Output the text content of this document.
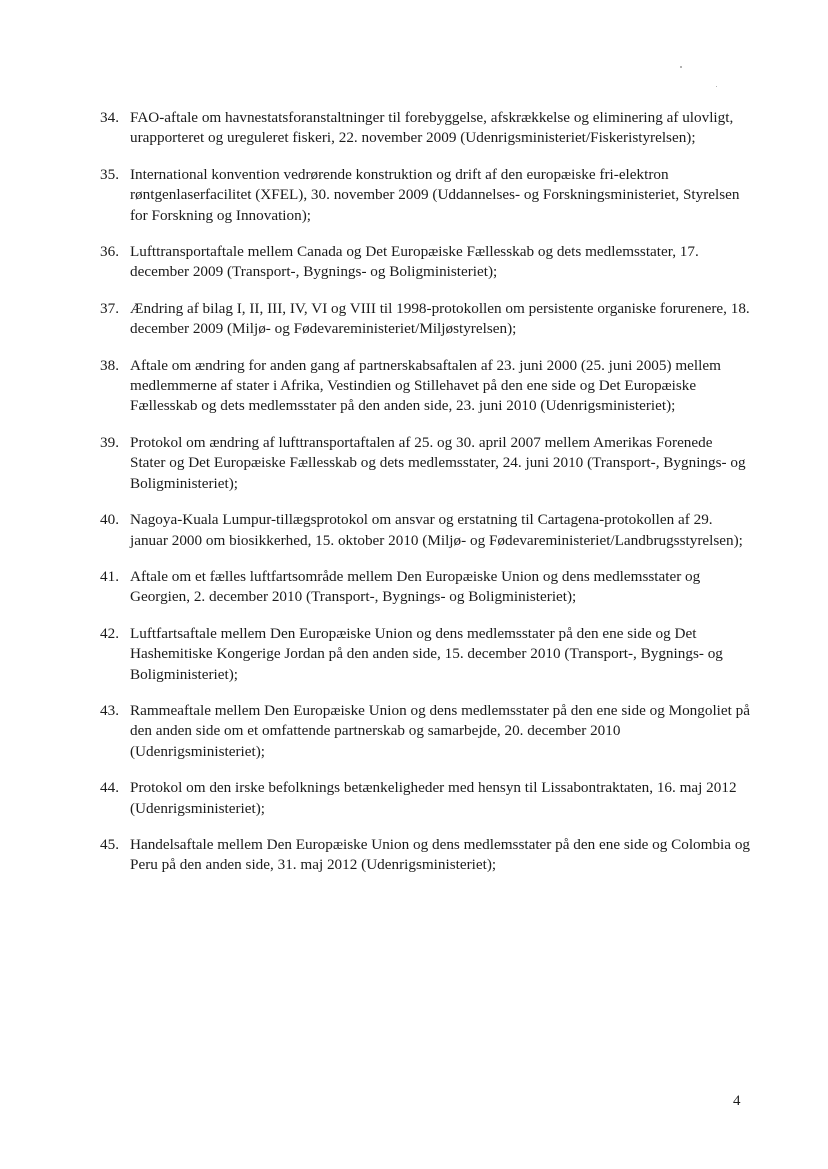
34. FAO-aftale om havnestatsforanstaltninger til forebyggelse, afskrækkelse og eliminering af ulovligt, urapporteret og ureguleret fiskeri, 22. november 2009 (Udenrigsministeriet/Fiskeristyrelsen);
35. International konvention vedrørende konstruktion og drift af den europæiske fri-elektron røntgenlaserfacilitet (XFEL), 30. november 2009 (Uddannelses- og Forskningsministeriet, Styrelsen for Forskning og Innovation);
36. Lufttransportaftale mellem Canada og Det Europæiske Fællesskab og dets medlemsstater, 17. december 2009 (Transport-, Bygnings- og Boligministeriet);
37. Ændring af bilag I, II, III, IV, VI og VIII til 1998-protokollen om persistente organiske forurenere, 18. december 2009 (Miljø- og Fødevareministeriet/Miljøstyrelsen);
38. Aftale om ændring for anden gang af partnerskabsaftalen af 23. juni 2000 (25. juni 2005) mellem medlemmerne af stater i Afrika, Vestindien og Stillehavet på den ene side og Det Europæiske Fællesskab og dets medlemsstater på den anden side, 23. juni 2010 (Udenrigsministeriet);
39. Protokol om ændring af lufttransportaftalen af 25. og 30. april 2007 mellem Amerikas Forenede Stater og Det Europæiske Fællesskab og dets medlemsstater, 24. juni 2010 (Transport-, Bygnings- og Boligministeriet);
40. Nagoya-Kuala Lumpur-tillægsprotokol om ansvar og erstatning til Cartagena-protokollen af 29. januar 2000 om biosikkerhed, 15. oktober 2010 (Miljø- og Fødevareministeriet/Landbrugsstyrelsen);
41. Aftale om et fælles luftfartsområde mellem Den Europæiske Union og dens medlemsstater og Georgien, 2. december 2010 (Transport-, Bygnings- og Boligministeriet);
42. Luftfartsaftale mellem Den Europæiske Union og dens medlemsstater på den ene side og Det Hashemitiske Kongerige Jordan på den anden side, 15. december 2010 (Transport-, Bygnings- og Boligministeriet);
43. Rammeaftale mellem Den Europæiske Union og dens medlemsstater på den ene side og Mongoliet på den anden side om et omfattende partnerskab og samarbejde, 20. december 2010 (Udenrigsministeriet);
44. Protokol om den irske befolknings betænkeligheder med hensyn til Lissabontraktaten, 16. maj 2012 (Udenrigsministeriet);
45. Handelsaftale mellem Den Europæiske Union og dens medlemsstater på den ene side og Colombia og Peru på den anden side, 31. maj 2012 (Udenrigsministeriet);
4
